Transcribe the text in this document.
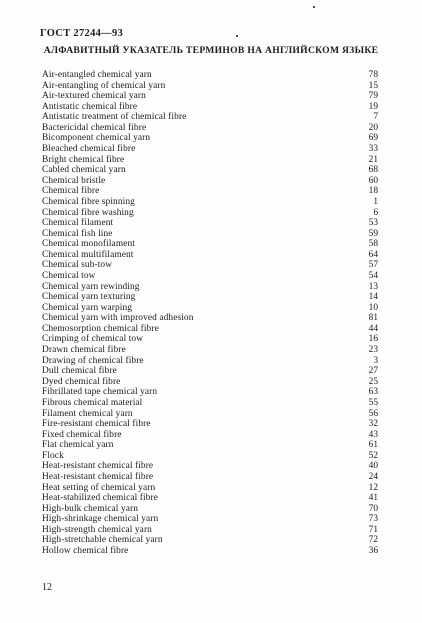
ГОСТ 27244—93
АЛФАВИТНЫЙ УКАЗАТЕЛЬ ТЕРМИНОВ НА АНГЛИЙСКОМ ЯЗЫКЕ
Air-entangled chemical yarn	78
Air-entangling of chemical yarn	15
Air-textured chemical yarn	79
Antistatic chemical fibre	19
Antistatic treatment of chemical fibre	7
Bactericidal chemical fibre	20
Bicomponent chemical yarn	69
Bleached chemical fibre	33
Bright chemical fibre	21
Cabled chemical yarn	68
Chemical bristle	60
Chemical fibre	18
Chemical fibre spinning	1
Chemical fibre washing	6
Chemical filament	53
Chemical fish line	59
Chemical monofilament	58
Chemical multifilament	64
Chemical sub-tow	57
Chemical tow	54
Chemical yarn rewinding	13
Chemical yarn texturing	14
Chemical yarn warping	10
Chemical yarn with improved adhesion	81
Chemosorption chemical fibre	44
Crimping of chemical tow	16
Drawn chemical fibre	23
Drawing of chemical fibre	3
Dull chemical fibre	27
Dyed chemical fibre	25
Fibrillated tape chemical yarn	63
Fibrous chemical material	55
Filament chemical yarn	56
Fire-resistant chemical fibre	32
Fixed chemical fibre	43
Flat chemical yarn	61
Flock	52
Heat-resistant chemical fibre	40
Heat-resistant chemical fibre	24
Heat setting of chemical yarn	12
Heat-stabilized chemical fibre	41
High-bulk chemical yarn	70
High-shrinkage chemical yarn	73
High-strength chemical yarn	71
High-stretchable chemical yarn	72
Hollow chemical fibre	36
12
